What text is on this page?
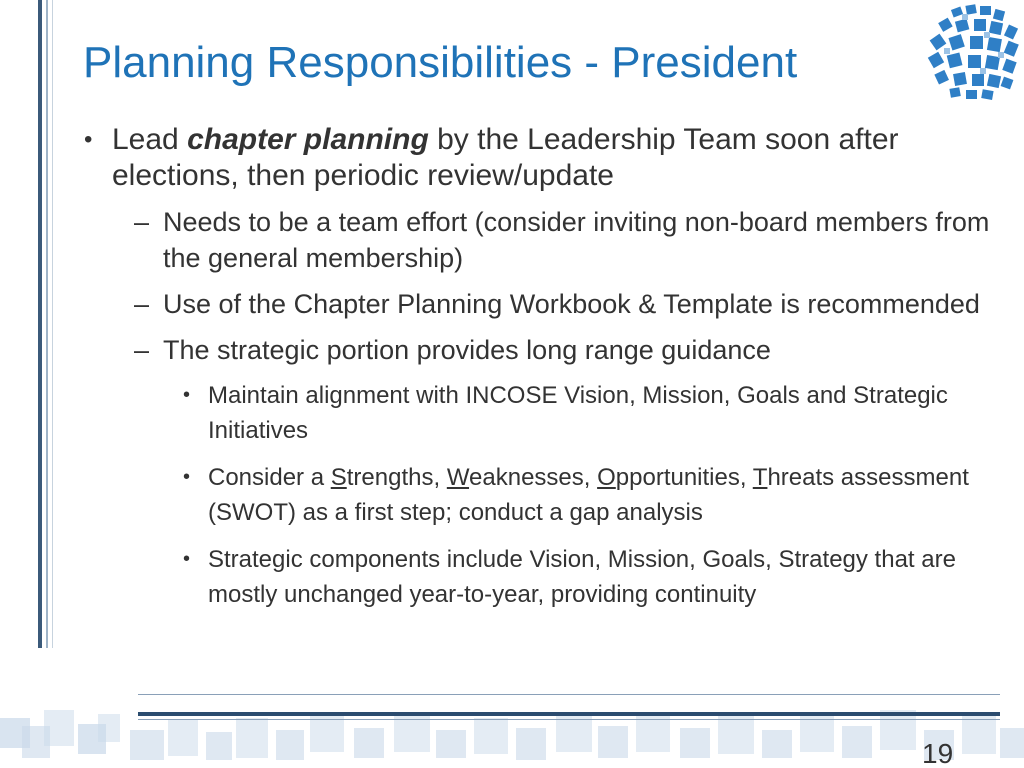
Planning Responsibilities - President
• Lead chapter planning by the Leadership Team soon after elections, then periodic review/update
– Needs to be a team effort (consider inviting non-board members from the general membership)
– Use of the Chapter Planning Workbook & Template is recommended
– The strategic portion provides long range guidance
• Maintain alignment with INCOSE Vision, Mission, Goals and Strategic Initiatives
• Consider a Strengths, Weaknesses, Opportunities, Threats assessment (SWOT) as a first step; conduct a gap analysis
• Strategic components include Vision, Mission, Goals, Strategy that are mostly unchanged year-to-year, providing continuity
19
